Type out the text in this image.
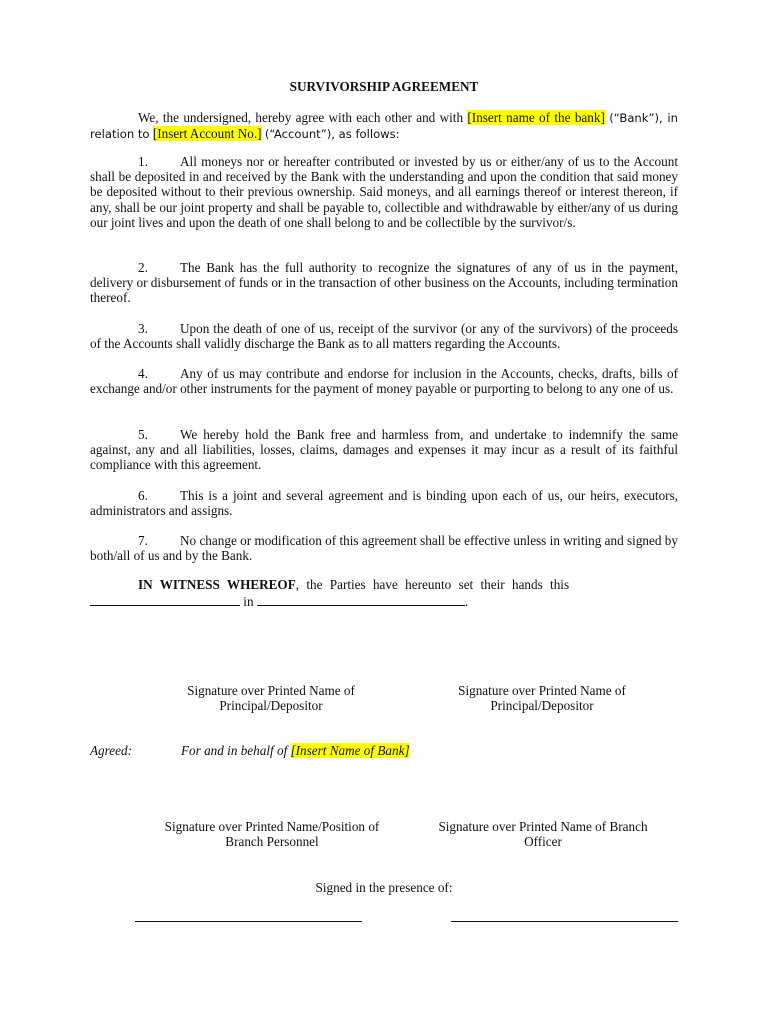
SURVIVORSHIP AGREEMENT
We, the undersigned, hereby agree with each other and with [Insert name of the bank] (“Bank”), in relation to [Insert Account No.] (“Account”), as follows:
1. All moneys nor or hereafter contributed or invested by us or either/any of us to the Account shall be deposited in and received by the Bank with the understanding and upon the condition that said money be deposited without to their previous ownership. Said moneys, and all earnings thereof or interest thereon, if any, shall be our joint property and shall be payable to, collectible and withdrawable by either/any of us during our joint lives and upon the death of one shall belong to and be collectible by the survivor/s.
2. The Bank has the full authority to recognize the signatures of any of us in the payment, delivery or disbursement of funds or in the transaction of other business on the Accounts, including termination thereof.
3. Upon the death of one of us, receipt of the survivor (or any of the survivors) of the proceeds of the Accounts shall validly discharge the Bank as to all matters regarding the Accounts.
4. Any of us may contribute and endorse for inclusion in the Accounts, checks, drafts, bills of exchange and/or other instruments for the payment of money payable or purporting to belong to any one of us.
5. We hereby hold the Bank free and harmless from, and undertake to indemnify the same against, any and all liabilities, losses, claims, damages and expenses it may incur as a result of its faithful compliance with this agreement.
6. This is a joint and several agreement and is binding upon each of us, our heirs, executors, administrators and assigns.
7. No change or modification of this agreement shall be effective unless in writing and signed by both/all of us and by the Bank.
IN WITNESS WHEREOF, the Parties have hereunto set their hands this
in	.
Signature over Printed Name of
Principal/Depositor
Signature over Printed Name of
Principal/Depositor
Agreed:	For and in behalf of [Insert Name of Bank]
Signature over Printed Name/Position of
Branch Personnel
Signature over Printed Name of Branch
Officer
Signed in the presence of:
